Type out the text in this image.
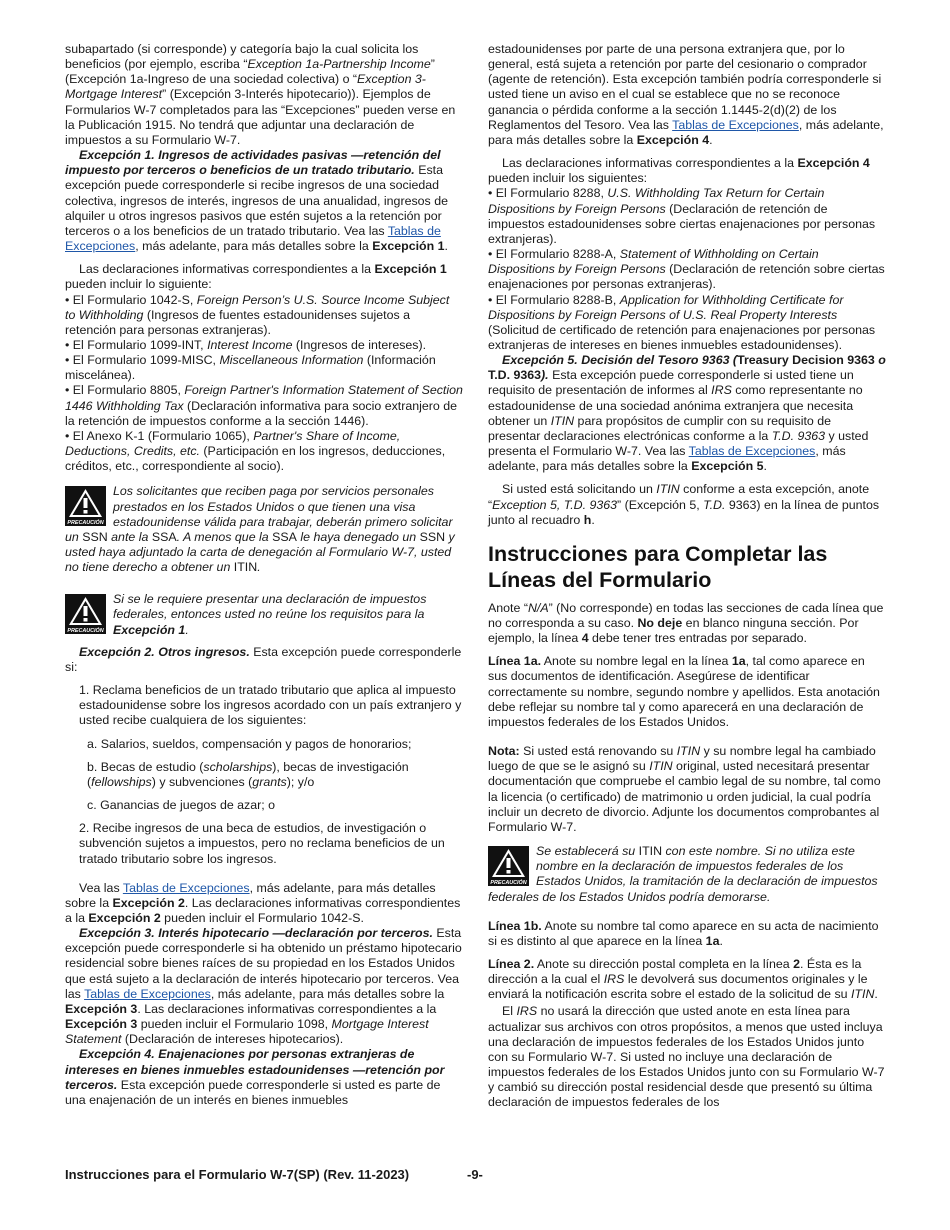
subapartado (si corresponde) y categoría bajo la cual solicita los beneficios (por ejemplo, escriba “Exception 1a-Partnership Income” (Excepción 1a-Ingreso de una sociedad colectiva) o “Exception 3-Mortgage Interest” (Excepción 3-Interés hipotecario)). Ejemplos de Formularios W-7 completados para las “Excepciones” pueden verse en la Publicación 1915. No tendrá que adjuntar una declaración de impuestos a su Formulario W-7.

Excepción 1. Ingresos de actividades pasivas —retención del impuesto por terceros o beneficios de un tratado tributario. Esta excepción puede corresponderle si recibe ingresos de una sociedad colectiva, ingresos de interés, ingresos de una anualidad, ingresos de alquiler u otros ingresos pasivos que estén sujetos a la retención por terceros o a los beneficios de un tratado tributario. Vea las Tablas de Excepciones, más adelante, para más detalles sobre la Excepción 1.

Las declaraciones informativas correspondientes a la Excepción 1 pueden incluir lo siguiente:

• El Formulario 1042-S, Foreign Person’s U.S. Source Income Subject to Withholding (Ingresos de fuentes estadounidenses sujetos a retención para personas extranjeras).

• El Formulario 1099-INT, Interest Income (Ingresos de intereses).

• El Formulario 1099-MISC, Miscellaneous Information (Información miscelánea).

• El Formulario 8805, Foreign Partner's Information Statement of Section 1446 Withholding Tax (Declaración informativa para socio extranjero de la retención de impuestos conforme a la sección 1446).

• El Anexo K-1 (Formulario 1065), Partner's Share of Income, Deductions, Credits, etc. (Participación en los ingresos, deducciones, créditos, etc., correspondiente al socio).

PRECAUCIÓN
Los solicitantes que reciben paga por servicios personales prestados en los Estados Unidos o que tienen una visa estadounidense válida para trabajar, deberán primero solicitar un SSN ante la SSA. A menos que la SSA le haya denegado un SSN y usted haya adjuntado la carta de denegación al Formulario W-7, usted no tiene derecho a obtener un ITIN.
PRECAUCIÓN
Si se le requiere presentar una declaración de impuestos federales, entonces usted no reúne los requisitos para la Excepción 1.

Excepción 2. Otros ingresos. Esta excepción puede corresponderle si:

1. Reclama beneficios de un tratado tributario que aplica al impuesto estadounidense sobre los ingresos acordado con un país extranjero y usted recibe cualquiera de los siguientes:

a. Salarios, sueldos, compensación y pagos de honorarios;

b. Becas de estudio (scholarships), becas de investigación (fellowships) y subvenciones (grants); y/o

c. Ganancias de juegos de azar; o

2. Recibe ingresos de una beca de estudios, de investigación o subvención sujetos a impuestos, pero no reclama beneficios de un tratado tributario sobre los ingresos.

Vea las Tablas de Excepciones, más adelante, para más detalles sobre la Excepción 2. Las declaraciones informativas correspondientes a la Excepción 2 pueden incluir el Formulario 1042-S.

Excepción 3. Interés hipotecario —declaración por terceros. Esta excepción puede corresponderle si ha obtenido un préstamo hipotecario residencial sobre bienes raíces de su propiedad en los Estados Unidos que está sujeto a la declaración de interés hipotecario por terceros. Vea las Tablas de Excepciones, más adelante, para más detalles sobre la Excepción 3. Las declaraciones informativas correspondientes a la Excepción 3 pueden incluir el Formulario 1098, Mortgage Interest Statement (Declaración de intereses hipotecarios).

Excepción 4. Enajenaciones por personas extranjeras de intereses en bienes inmuebles estadounidenses —retención por terceros. Esta excepción puede corresponderle si usted es parte de una enajenación de un interés en bienes inmuebles

estadounidenses por parte de una persona extranjera que, por lo general, está sujeta a retención por parte del cesionario o comprador (agente de retención). Esta excepción también podría corresponderle si usted tiene un aviso en el cual se establece que no se reconoce ganancia o pérdida conforme a la sección 1.1445-2(d)(2) de los Reglamentos del Tesoro. Vea las Tablas de Excepciones, más adelante, para más detalles sobre la Excepción 4.

Las declaraciones informativas correspondientes a la Excepción 4 pueden incluir los siguientes:

• El Formulario 8288, U.S. Withholding Tax Return for Certain Dispositions by Foreign Persons (Declaración de retención de impuestos estadounidenses sobre ciertas enajenaciones por personas extranjeras).

• El Formulario 8288-A, Statement of Withholding on Certain Dispositions by Foreign Persons (Declaración de retención sobre ciertas enajenaciones por personas extranjeras).

• El Formulario 8288-B, Application for Withholding Certificate for Dispositions by Foreign Persons of U.S. Real Property Interests (Solicitud de certificado de retención para enajenaciones por personas extranjeras de intereses en bienes inmuebles estadounidenses).

Excepción 5. Decisión del Tesoro 9363 (Treasury Decision 9363 o T.D. 9363). Esta excepción puede corresponderle si usted tiene un requisito de presentación de informes al IRS como representante no estadounidense de una sociedad anónima extranjera que necesita obtener un ITIN para propósitos de cumplir con su requisito de presentar declaraciones electrónicas conforme a la T.D. 9363 y usted presenta el Formulario W-7. Vea las Tablas de Excepciones, más adelante, para más detalles sobre la Excepción 5.

Si usted está solicitando un ITIN conforme a esta excepción, anote “Exception 5, T.D. 9363” (Excepción 5, T.D. 9363) en la línea de puntos junto al recuadro h.

Instrucciones para Completar las Líneas del Formulario

Anote “N/A” (No corresponde) en todas las secciones de cada línea que no corresponda a su caso. No deje en blanco ninguna sección. Por ejemplo, la línea 4 debe tener tres entradas por separado.

Línea 1a. Anote su nombre legal en la línea 1a, tal como aparece en sus documentos de identificación. Asegúrese de identificar correctamente su nombre, segundo nombre y apellidos. Esta anotación debe reflejar su nombre tal y como aparecerá en una declaración de impuestos federales de los Estados Unidos.

Nota: Si usted está renovando su ITIN y su nombre legal ha cambiado luego de que se le asignó su ITIN original, usted necesitará presentar documentación que compruebe el cambio legal de su nombre, tal como la licencia (o certificado) de matrimonio u orden judicial, la cual podría incluir un decreto de divorcio. Adjunte los documentos comprobantes al Formulario W-7.

PRECAUCIÓN
Se establecerá su ITIN con este nombre. Si no utiliza este nombre en la declaración de impuestos federales de los Estados Unidos, la tramitación de la declaración de impuestos federales de los Estados Unidos podría demorarse.

Línea 1b. Anote su nombre tal como aparece en su acta de nacimiento si es distinto al que aparece en la línea 1a.

Línea 2. Anote su dirección postal completa en la línea 2. Ésta es la dirección a la cual el IRS le devolverá sus documentos originales y le enviará la notificación escrita sobre el estado de la solicitud de su ITIN.

El IRS no usará la dirección que usted anote en esta línea para actualizar sus archivos con otros propósitos, a menos que usted incluya una declaración de impuestos federales de los Estados Unidos junto con su Formulario W-7. Si usted no incluye una declaración de impuestos federales de los Estados Unidos junto con su Formulario W-7 y cambió su dirección postal residencial desde que presentó su última declaración de impuestos federales de los

Instrucciones para el Formulario W-7(SP) (Rev. 11-2023)	-9-
